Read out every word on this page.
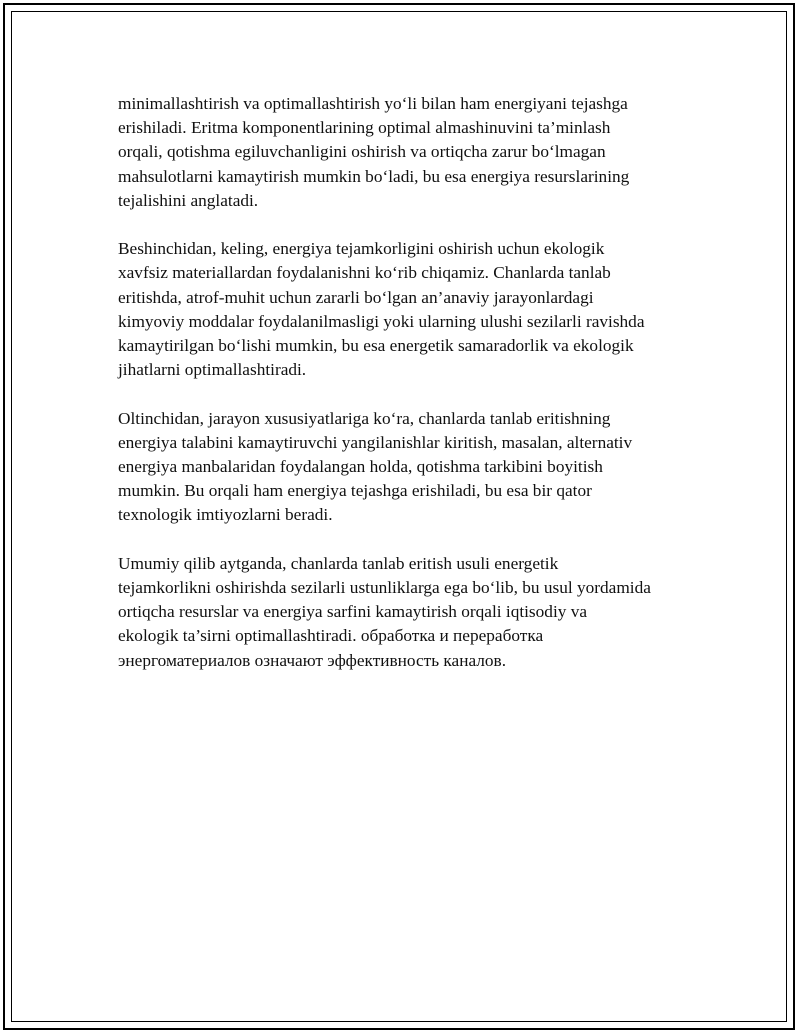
minimallashtirish va optimallashtirish yo‘li bilan ham energiyani tejashga
erishiladi. Eritma komponentlarining optimal almashinuvini ta’minlash
orqali, qotishma egiluvchanligini oshirish va ortiqcha zarur bo‘lmagan
mahsulotlarni kamaytirish mumkin bo‘ladi, bu esa energiya resurslarining
tejalishini anglatadi.

Beshinchidan, keling, energiya tejamkorligini oshirish uchun ekologik
xavfsiz materiallardan foydalanishni ko‘rib chiqamiz. Chanlarda tanlab
eritishda, atrof-muhit uchun zararli bo‘lgan an’anaviy jarayonlardagi
kimyoviy moddalar foydalanilmasligi yoki ularning ulushi sezilarli ravishda
kamaytirilgan bo‘lishi mumkin, bu esa energetik samaradorlik va ekologik
jihatlarni optimallashtiradi.

Oltinchidan, jarayon xususiyatlariga ko‘ra, chanlarda tanlab eritishning
energiya talabini kamaytiruvchi yangilanishlar kiritish, masalan, alternativ
energiya manbalaridan foydalangan holda, qotishma tarkibini boyitish
mumkin. Bu orqali ham energiya tejashga erishiladi, bu esa bir qator
texnologik imtiyozlarni beradi.

Umumiy qilib aytganda, chanlarda tanlab eritish usuli energetik
tejamkorlikni oshirishda sezilarli ustunliklarga ega bo‘lib, bu usul yordamida
ortiqcha resurslar va energiya sarfini kamaytirish orqali iqtisodiy va
ekologik ta’sirni optimallashtiradi. обработка и переработка
энергоматериалов означают эффективность каналов.
